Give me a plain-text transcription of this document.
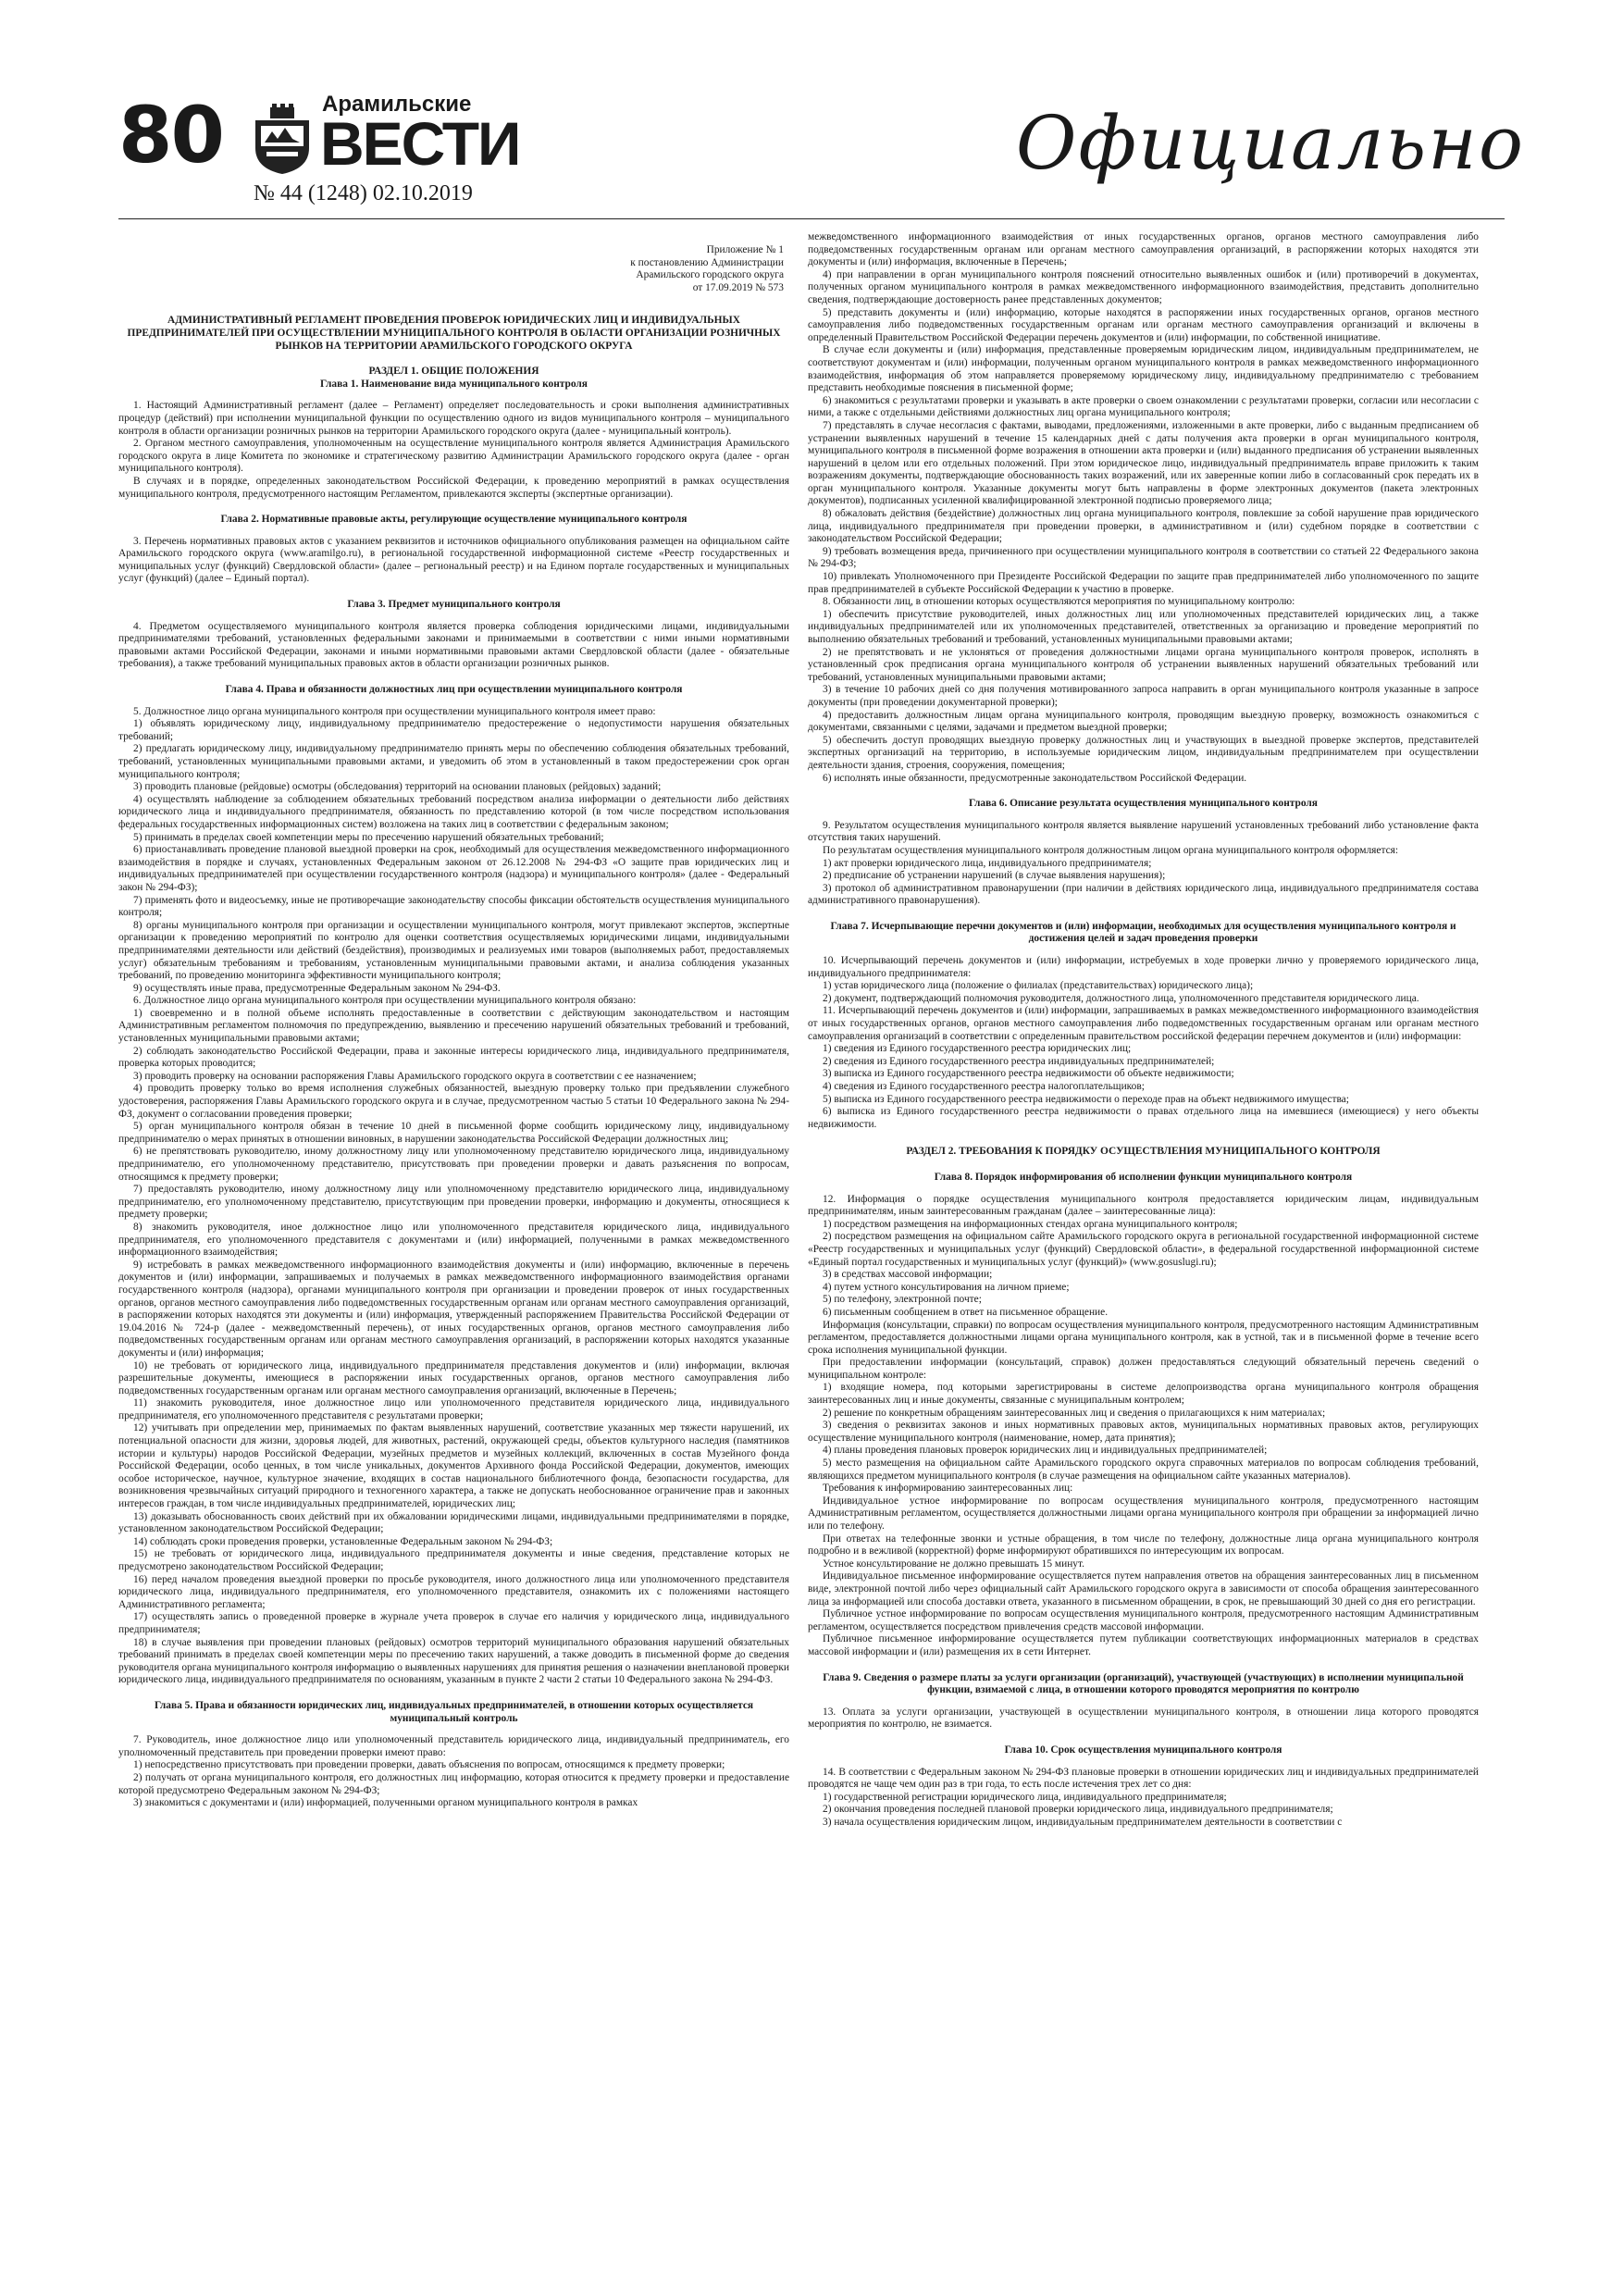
80	Арамильские
ВЕСТИ
№ 44 (1248) 02.10.2019
Официально
Приложение № 1
к постановлению Администрации
Арамильского городского округа
от 17.09.2019 № 573
АДМИНИСТРАТИВНЫЙ РЕГЛАМЕНТ ПРОВЕДЕНИЯ ПРОВЕРОК ЮРИДИЧЕСКИХ ЛИЦ И ИНДИВИДУАЛЬНЫХ ПРЕДПРИНИМАТЕЛЕЙ ПРИ ОСУЩЕСТВЛЕНИИ МУНИЦИПАЛЬНОГО КОНТРОЛЯ В ОБЛАСТИ ОРГАНИЗАЦИИ РОЗНИЧНЫХ РЫНКОВ НА ТЕРРИТОРИИ АРАМИЛЬСКОГО ГОРОДСКОГО ОКРУГА
РАЗДЕЛ 1. ОБЩИЕ ПОЛОЖЕНИЯ
Глава 1. Наименование вида муниципального контроля

1. Настоящий Административный регламент (далее – Регламент) определяет последовательность и сроки выполнения административных процедур (действий) при исполнении муниципальной функции по осуществлению одного из видов муниципального контроля – муниципального контроля в области организации розничных рынков на территории Арамильского городского округа (далее - муниципальный контроль).

2. Органом местного самоуправления, уполномоченным на осуществление муниципального контроля является Администрация Арамильского городского округа в лице Комитета по экономике и стратегическому развитию Администрации Арамильского городского округа (далее - орган муниципального контроля).

В случаях и в порядке, определенных законодательством Российской Федерации, к проведению мероприятий в рамках осуществления муниципального контроля, предусмотренного настоящим Регламентом, привлекаются эксперты (экспертные организации).

Глава 2. Нормативные правовые акты, регулирующие осуществление муниципального контроля

3. Перечень нормативных правовых актов с указанием реквизитов и источников официального опубликования размещен на официальном сайте Арамильского городского округа (www.aramilgo.ru), в региональной государственной информационной системе «Реестр государственных и муниципальных услуг (функций) Свердловской области» (далее – региональный реестр) и на Едином портале государственных и муниципальных услуг (функций) (далее – Единый портал).

Глава 3. Предмет муниципального контроля

4. Предметом осуществляемого муниципального контроля является проверка соблюдения юридическими лицами, индивидуальными предпринимателями требований, установленных федеральными законами и принимаемыми в соответствии с ними иными нормативными правовыми актами Российской Федерации, законами и иными нормативными правовыми актами Свердловской области (далее - обязательные требования), а также требований муниципальных правовых актов в области организации розничных рынков.

Глава 4. Права и обязанности должностных лиц при осуществлении муниципального контроля

5. Должностное лицо органа муниципального контроля при осуществлении муниципального контроля имеет право:

1) объявлять юридическому лицу, индивидуальному предпринимателю предостережение о недопустимости нарушения обязательных требований;

2) предлагать юридическому лицу, индивидуальному предпринимателю принять меры по обеспечению соблюдения обязательных требований, требований, установленных муниципальными правовыми актами, и уведомить об этом в установленный в таком предостережении срок орган муниципального контроля;

3) проводить плановые (рейдовые) осмотры (обследования) территорий на основании плановых (рейдовых) заданий;

4) осуществлять наблюдение за соблюдением обязательных требований посредством анализа информации о деятельности либо действиях юридического лица и индивидуального предпринимателя, обязанность по представлению которой (в том числе посредством использования федеральных государственных информационных систем) возложена на таких лиц в соответствии с федеральным законом;

5) принимать в пределах своей компетенции меры по пресечению нарушений обязательных требований;

6) приостанавливать проведение плановой выездной проверки на срок, необходимый для осуществления межведомственного информационного взаимодействия в порядке и случаях, установленных Федеральным законом от 26.12.2008 № 294-ФЗ «О защите прав юридических лиц и индивидуальных предпринимателей при осуществлении государственного контроля (надзора) и муниципального контроля» (далее - Федеральный закон № 294-ФЗ);

7) применять фото и видеосъемку, иные не противоречащие законодательству способы фиксации обстоятельств осуществления муниципального контроля;

8) органы муниципального контроля при организации и осуществлении муниципального контроля, могут привлекают экспертов, экспертные организации к проведению мероприятий по контролю для оценки соответствия осуществляемых юридическими лицами, индивидуальными предпринимателями деятельности или действий (бездействия), производимых и реализуемых ими товаров (выполняемых работ, предоставляемых услуг) обязательным требованиям и требованиям, установленным муниципальными правовыми актами, и анализа соблюдения указанных требований, по проведению мониторинга эффективности муниципального контроля;

9) осуществлять иные права, предусмотренные Федеральным законом № 294-ФЗ.

6. Должностное лицо органа муниципального контроля при осуществлении муниципального контроля обязано:

1) своевременно и в полной объеме исполнять предоставленные в соответствии с действующим законодательством и настоящим Административным регламентом полномочия по предупреждению, выявлению и пресечению нарушений обязательных требований и требований, установленных муниципальными правовыми актами;

2) соблюдать законодательство Российской Федерации, права и законные интересы юридического лица, индивидуального предпринимателя, проверка которых проводится;

3) проводить проверку на основании распоряжения Главы Арамильского городского округа в соответствии с ее назначением;

4) проводить проверку только во время исполнения служебных обязанностей, выездную проверку только при предъявлении служебного удостоверения, распоряжения Главы Арамильского городского округа и в случае, предусмотренном частью 5 статьи 10 Федерального закона № 294-ФЗ, документ о согласовании проведения проверки;

5) орган муниципального контроля обязан в течение 10 дней в письменной форме сообщить юридическому лицу, индивидуальному предпринимателю о мерах принятых в отношении виновных, в нарушении законодательства Российской Федерации должностных лиц;

6) не препятствовать руководителю, иному должностному лицу или уполномоченному представителю юридического лица, индивидуальному предпринимателю, его уполномоченному представителю, присутствовать при проведении проверки и давать разъяснения по вопросам, относящимся к предмету проверки;

7) предоставлять руководителю, иному должностному лицу или уполномоченному представителю юридического лица, индивидуальному предпринимателю, его уполномоченному представителю, присутствующим при проведении проверки, информацию и документы, относящиеся к предмету проверки;

8) знакомить руководителя, иное должностное лицо или уполномоченного представителя юридического лица, индивидуального предпринимателя, его уполномоченного представителя с документами и (или) информацией, полученными в рамках межведомственного информационного взаимодействия;

9) истребовать в рамках межведомственного информационного взаимодействия документы и (или) информацию, включенные в перечень документов и (или) информации, запрашиваемых и получаемых в рамках межведомственного информационного взаимодействия органами государственного контроля (надзора), органами муниципального контроля при организации и проведении проверок от иных государственных органов, органов местного самоуправления либо подведомственных государственным органам или органам местного самоуправления организаций, в распоряжении которых находятся эти документы и (или) информация, утвержденный распоряжением Правительства Российской Федерации от 19.04.2016 № 724-р (далее - межведомственный перечень), от иных государственных органов, органов местного самоуправления либо подведомственных государственным органам или органам местного самоуправления организаций, в распоряжении которых находятся указанные документы и (или) информация;

10) не требовать от юридического лица, индивидуального предпринимателя представления документов и (или) информации, включая разрешительные документы, имеющиеся в распоряжении иных государственных органов, органов местного самоуправления либо подведомственных государственным органам или органам местного самоуправления организаций, включенные в Перечень;

11) знакомить руководителя, иное должностное лицо или уполномоченного представителя юридического лица, индивидуального предпринимателя, его уполномоченного представителя с результатами проверки;

12) учитывать при определении мер, принимаемых по фактам выявленных нарушений, соответствие указанных мер тяжести нарушений, их потенциальной опасности для жизни, здоровья людей, для животных, растений, окружающей среды, объектов культурного наследия (памятников истории и культуры) народов Российской Федерации, музейных предметов и музейных коллекций, включенных в состав Музейного фонда Российской Федерации, особо ценных, в том числе уникальных, документов Архивного фонда Российской Федерации, документов, имеющих особое историческое, научное, культурное значение, входящих в состав национального библиотечного фонда, безопасности государства, для возникновения чрезвычайных ситуаций природного и техногенного характера, а также не допускать необоснованное ограничение прав и законных интересов граждан, в том числе индивидуальных предпринимателей, юридических лиц;

13) доказывать обоснованность своих действий при их обжаловании юридическими лицами, индивидуальными предпринимателями в порядке, установленном законодательством Российской Федерации;

14) соблюдать сроки проведения проверки, установленные Федеральным законом № 294-ФЗ;

15) не требовать от юридического лица, индивидуального предпринимателя документы и иные сведения, представление которых не предусмотрено законодательством Российской Федерации;

16) перед началом проведения выездной проверки по просьбе руководителя, иного должностного лица или уполномоченного представителя юридического лица, индивидуального предпринимателя, его уполномоченного представителя, ознакомить их с положениями настоящего Административного регламента;

17) осуществлять запись о проведенной проверке в журнале учета проверок в случае его наличия у юридического лица, индивидуального предпринимателя;

18) в случае выявления при проведении плановых (рейдовых) осмотров территорий муниципального образования нарушений обязательных требований принимать в пределах своей компетенции меры по пресечению таких нарушений, а также доводить в письменной форме до сведения руководителя органа муниципального контроля информацию о выявленных нарушениях для принятия решения о назначении внеплановой проверки юридического лица, индивидуального предпринимателя по основаниям, указанным в пункте 2 части 2 статьи 10 Федерального закона № 294-ФЗ.

Глава 5. Права и обязанности юридических лиц, индивидуальных предпринимателей, в отношении которых осуществляется муниципальный контроль

7. Руководитель, иное должностное лицо или уполномоченный представитель юридического лица, индивидуальный предприниматель, его уполномоченный представитель при проведении проверки имеют право:

1) непосредственно присутствовать при проведении проверки, давать объяснения по вопросам, относящимся к предмету проверки;

2) получать от органа муниципального контроля, его должностных лиц информацию, которая относится к предмету проверки и предоставление которой предусмотрено Федеральным законом № 294-ФЗ;

3) знакомиться с документами и (или) информацией, полученными органом муниципального контроля в рамках

межведомственного информационного взаимодействия от иных государственных органов, органов местного самоуправления либо подведомственных государственным органам или органам местного самоуправления организаций, в распоряжении которых находятся эти документы и (или) информация, включенные в Перечень;

4) при направлении в орган муниципального контроля пояснений относительно выявленных ошибок и (или) противоречий в документах, полученных органом муниципального контроля в рамках межведомственного информационного взаимодействия, представить дополнительно сведения, подтверждающие достоверность ранее представленных документов;

5) представить документы и (или) информацию, которые находятся в распоряжении иных государственных органов, органов местного самоуправления либо подведомственных государственным органам или органам местного самоуправления организаций и включены в определенный Правительством Российской Федерации перечень документов и (или) информации, по собственной инициативе.

В случае если документы и (или) информация, представленные проверяемым юридическим лицом, индивидуальным предпринимателем, не соответствуют документам и (или) информации, полученным органом муниципального контроля в рамках межведомственного информационного взаимодействия, информация об этом направляется проверяемому юридическому лицу, индивидуальному предпринимателю с требованием представить необходимые пояснения в письменной форме;

6) знакомиться с результатами проверки и указывать в акте проверки о своем ознакомлении с результатами проверки, согласии или несогласии с ними, а также с отдельными действиями должностных лиц органа муниципального контроля;

7) представлять в случае несогласия с фактами, выводами, предложениями, изложенными в акте проверки, либо с выданным предписанием об устранении выявленных нарушений в течение 15 календарных дней с даты получения акта проверки в орган муниципального контроля, муниципального контроля в письменной форме возражения в отношении акта проверки и (или) выданного предписания об устранении выявленных нарушений в целом или его отдельных положений. При этом юридическое лицо, индивидуальный предприниматель вправе приложить к таким возражениям документы, подтверждающие обоснованность таких возражений, или их заверенные копии либо в согласованный срок передать их в орган муниципального контроля. Указанные документы могут быть направлены в форме электронных документов (пакета электронных документов), подписанных усиленной квалифицированной электронной подписью проверяемого лица;

8) обжаловать действия (бездействие) должностных лиц органа муниципального контроля, повлекшие за собой нарушение прав юридического лица, индивидуального предпринимателя при проведении проверки, в административном и (или) судебном порядке в соответствии с законодательством Российской Федерации;

9) требовать возмещения вреда, причиненного при осуществлении муниципального контроля в соответствии со статьей 22 Федерального закона № 294-ФЗ;

10) привлекать Уполномоченного при Президенте Российской Федерации по защите прав предпринимателей либо уполномоченного по защите прав предпринимателей в субъекте Российской Федерации к участию в проверке.

8. Обязанности лиц, в отношении которых осуществляются мероприятия по муниципальному контролю:

1) обеспечить присутствие руководителей, иных должностных лиц или уполномоченных представителей юридических лиц, а также индивидуальных предпринимателей или их уполномоченных представителей, ответственных за организацию и проведение мероприятий по выполнению обязательных требований и требований, установленных муниципальными правовыми актами;

2) не препятствовать и не уклоняться от проведения должностными лицами органа муниципального контроля проверок, исполнять в установленный срок предписания органа муниципального контроля об устранении выявленных нарушений обязательных требований или требований, установленных муниципальными правовыми актами;

3) в течение 10 рабочих дней со дня получения мотивированного запроса направить в орган муниципального контроля указанные в запросе документы (при проведении документарной проверки);

4) предоставить должностным лицам органа муниципального контроля, проводящим выездную проверку, возможность ознакомиться с документами, связанными с целями, задачами и предметом выездной проверки;

5) обеспечить доступ проводящих выездную проверку должностных лиц и участвующих в выездной проверке экспертов, представителей экспертных организаций на территорию, в используемые юридическим лицом, индивидуальным предпринимателем при осуществлении деятельности здания, строения, сооружения, помещения;

6) исполнять иные обязанности, предусмотренные законодательством Российской Федерации.

Глава 6. Описание результата осуществления муниципального контроля

9. Результатом осуществления муниципального контроля является выявление нарушений установленных требований либо установление факта отсутствия таких нарушений.

По результатам осуществления муниципального контроля должностным лицом органа муниципального контроля оформляется:

1) акт проверки юридического лица, индивидуального предпринимателя;

2) предписание об устранении нарушений (в случае выявления нарушения);

3) протокол об административном правонарушении (при наличии в действиях юридического лица, индивидуального предпринимателя состава административного правонарушения).

Глава 7. Исчерпывающие перечни документов и (или) информации, необходимых для осуществления муниципального контроля и достижения целей и задач проведения проверки

10. Исчерпывающий перечень документов и (или) информации, истребуемых в ходе проверки лично у проверяемого юридического лица, индивидуального предпринимателя:

1) устав юридического лица (положение о филиалах (представительствах) юридического лица);

2) документ, подтверждающий полномочия руководителя, должностного лица, уполномоченного представителя юридического лица.

11. Исчерпывающий перечень документов и (или) информации, запрашиваемых в рамках межведомственного информационного взаимодействия от иных государственных органов, органов местного самоуправления либо подведомственных государственным органам или органам местного самоуправления организаций в соответствии с определенным правительством российской федерации перечнем документов и (или) информации:

1) сведения из Единого государственного реестра юридических лиц;

2) сведения из Единого государственного реестра индивидуальных предпринимателей;

3) выписка из Единого государственного реестра недвижимости об объекте недвижимости;

4) сведения из Единого государственного реестра налогоплательщиков;

5) выписка из Единого государственного реестра недвижимости о переходе прав на объект недвижимого имущества;

6) выписка из Единого государственного реестра недвижимости о правах отдельного лица на имевшиеся (имеющиеся) у него объекты недвижимости.

РАЗДЕЛ 2. ТРЕБОВАНИЯ К ПОРЯДКУ ОСУЩЕСТВЛЕНИЯ МУНИЦИПАЛЬНОГО КОНТРОЛЯ
Глава 8. Порядок информирования об исполнении функции муниципального контроля

12. Информация о порядке осуществления муниципального контроля предоставляется юридическим лицам, индивидуальным предпринимателям, иным заинтересованным гражданам (далее – заинтересованные лица):

1) посредством размещения на информационных стендах органа муниципального контроля;

2) посредством размещения на официальном сайте Арамильского городского округа в региональной государственной информационной системе «Реестр государственных и муниципальных услуг (функций) Свердловской области», в федеральной государственной информационной системе «Единый портал государственных и муниципальных услуг (функций)» (www.gosuslugi.ru);

3) в средствах массовой информации;

4) путем устного консультирования на личном приеме;

5) по телефону, электронной почте;

6) письменным сообщением в ответ на письменное обращение.

Информация (консультации, справки) по вопросам осуществления муниципального контроля, предусмотренного настоящим Административным регламентом, предоставляется должностными лицами органа муниципального контроля, как в устной, так и в письменной форме в течение всего срока исполнения муниципальной функции.

При предоставлении информации (консультаций, справок) должен предоставляться следующий обязательный перечень сведений о муниципальном контроле:

1) входящие номера, под которыми зарегистрированы в системе делопроизводства органа муниципального контроля обращения заинтересованных лиц и иные документы, связанные с муниципальным контролем;

2) решение по конкретным обращениям заинтересованных лиц и сведения о прилагающихся к ним материалах;

3) сведения о реквизитах законов и иных нормативных правовых актов, муниципальных нормативных правовых актов, регулирующих осуществление муниципального контроля (наименование, номер, дата принятия);

4) планы проведения плановых проверок юридических лиц и индивидуальных предпринимателей;

5) место размещения на официальном сайте Арамильского городского округа справочных материалов по вопросам соблюдения требований, являющихся предметом муниципального контроля (в случае размещения на официальном сайте указанных материалов).

Требования к информированию заинтересованных лиц:

Индивидуальное устное информирование по вопросам осуществления муниципального контроля, предусмотренного настоящим Административным регламентом, осуществляется должностными лицами органа муниципального контроля при обращении за информацией лично или по телефону.

При ответах на телефонные звонки и устные обращения, в том числе по телефону, должностные лица органа муниципального контроля подробно и в вежливой (корректной) форме информируют обратившихся по интересующим их вопросам.

Устное консультирование не должно превышать 15 минут.

Индивидуальное письменное информирование осуществляется путем направления ответов на обращения заинтересованных лиц в письменном виде, электронной почтой либо через официальный сайт Арамильского городского округа в зависимости от способа обращения заинтересованного лица за информацией или способа доставки ответа, указанного в письменном обращении, в срок, не превышающий 30 дней со дня его регистрации.

Публичное устное информирование по вопросам осуществления муниципального контроля, предусмотренного настоящим Административным регламентом, осуществляется посредством привлечения средств массовой информации.

Публичное письменное информирование осуществляется путем публикации соответствующих информационных материалов в средствах массовой информации и (или) размещения их в сети Интернет.

Глава 9. Сведения о размере платы за услуги организации (организаций), участвующей (участвующих) в исполнении муниципальной функции, взимаемой с лица, в отношении которого проводятся мероприятия по контролю

13. Оплата за услуги организации, участвующей в осуществлении муниципального контроля, в отношении лица которого проводятся мероприятия по контролю, не взимается.

Глава 10. Срок осуществления муниципального контроля

14. В соответствии с Федеральным законом № 294-ФЗ плановые проверки в отношении юридических лиц и индивидуальных предпринимателей проводятся не чаще чем один раз в три года, то есть после истечения трех лет со дня:

1) государственной регистрации юридического лица, индивидуального предпринимателя;

2) окончания проведения последней плановой проверки юридического лица, индивидуального предпринимателя;

3) начала осуществления юридическим лицом, индивидуальным предпринимателем деятельности в соответствии с
